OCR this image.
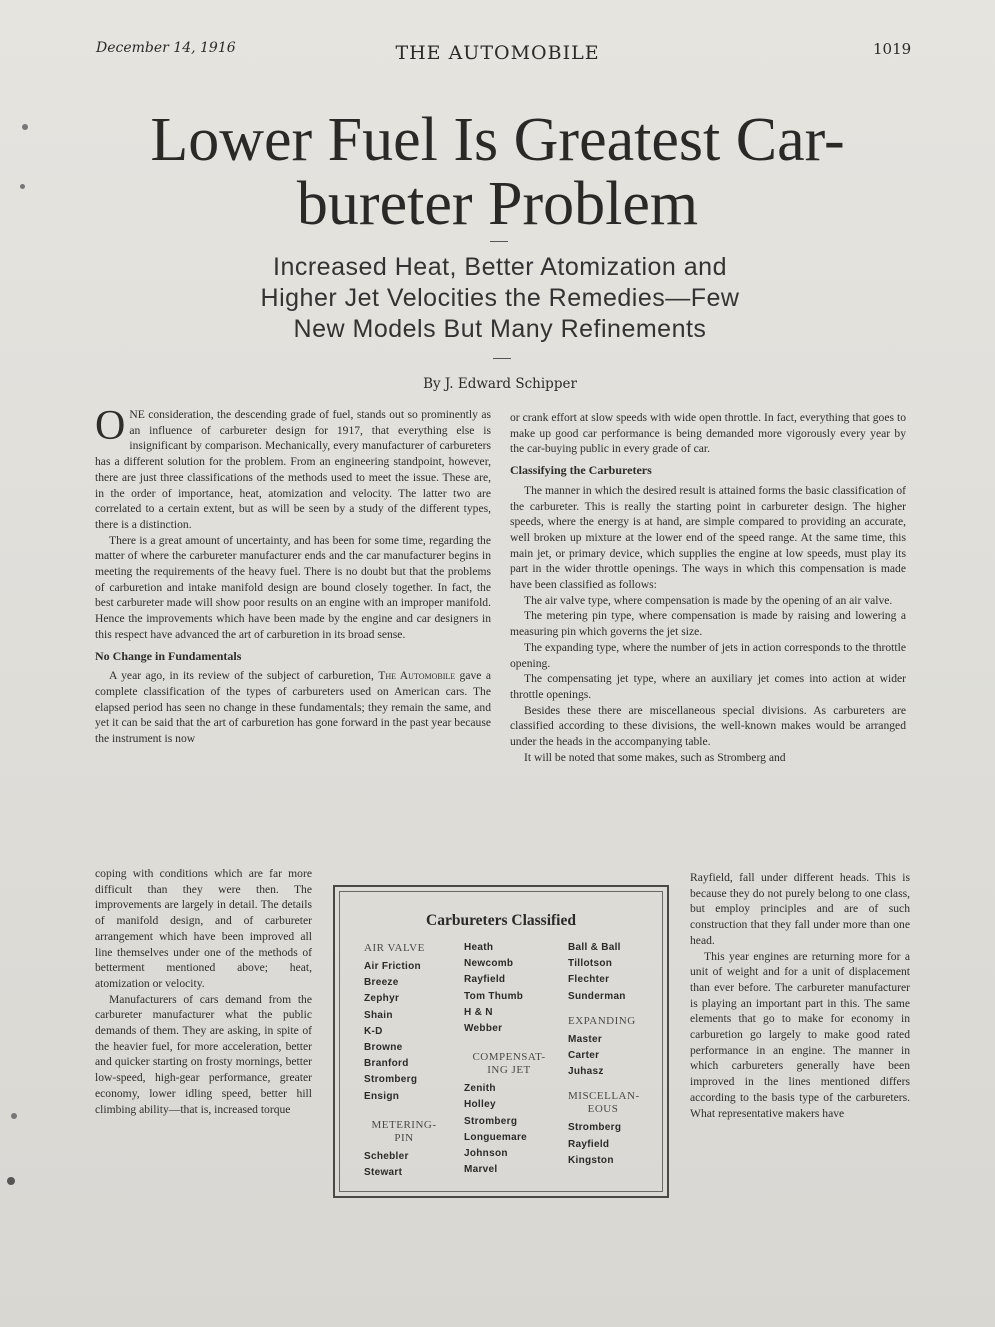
December 14, 1916	THE AUTOMOBILE	1019
Lower Fuel Is Greatest Car-
bureter Problem
Increased Heat, Better Atomization and
Higher Jet Velocities the Remedies—Few
New Models But Many Refinements
By J. Edward Schipper

ONE consideration, the descending grade of fuel, stands out so prominently as an influence of carbureter design for 1917, that everything else is insignificant by comparison. Mechanically, every manufacturer of carbureters has a different solution for the problem. From an engineering standpoint, however, there are just three classifications of the methods used to meet the issue. These are, in the order of importance, heat, atomization and velocity. The latter two are correlated to a certain extent, but as will be seen by a study of the different types, there is a distinction.

There is a great amount of uncertainty, and has been for some time, regarding the matter of where the carbureter manufacturer ends and the car manufacturer begins in meeting the requirements of the heavy fuel. There is no doubt but that the problems of carburetion and intake manifold design are bound closely together. In fact, the best carbureter made will show poor results on an engine with an improper manifold. Hence the improvements which have been made by the engine and car designers in this respect have advanced the art of carburetion in its broad sense.

No Change in Fundamentals

A year ago, in its review of the subject of carburetion, The Automobile gave a complete classification of the types of carbureters used on American cars. The elapsed period has seen no change in these fundamentals; they remain the same, and yet it can be said that the art of carburetion has gone forward in the past year because the instrument is now

coping with conditions which are far more difficult than they were then. The improvements are largely in detail. The details of manifold design, and of carbureter arrangement which have been improved all line themselves under one of the methods of betterment mentioned above; heat, atomization or velocity.

Manufacturers of cars demand from the carbureter manufacturer what the public demands of them. They are asking, in spite of the heavier fuel, for more acceleration, better and quicker starting on frosty mornings, better low-speed, high-gear performance, greater economy, lower idling speed, better hill climbing ability—that is, increased torque

or crank effort at slow speeds with wide open throttle. In fact, everything that goes to make up good car performance is being demanded more vigorously every year by the car-buying public in every grade of car.

Classifying the Carbureters

The manner in which the desired result is attained forms the basic classification of the carbureter. This is really the starting point in carbureter design. The higher speeds, where the energy is at hand, are simple compared to providing an accurate, well broken up mixture at the lower end of the speed range. At the same time, this main jet, or primary device, which supplies the engine at low speeds, must play its part in the wider throttle openings. The ways in which this compensation is made have been classified as follows:

The air valve type, where compensation is made by the opening of an air valve.

The metering pin type, where compensation is made by raising and lowering a measuring pin which governs the jet size.

The expanding type, where the number of jets in action corresponds to the throttle opening.

The compensating jet type, where an auxiliary jet comes into action at wider throttle openings.

Besides these there are miscellaneous special divisions. As carbureters are classified according to these divisions, the well-known makes would be arranged under the heads in the accompanying table.

It will be noted that some makes, such as Stromberg and

Rayfield, fall under different heads. This is because they do not purely belong to one class, but employ principles and are of such construction that they fall under more than one head.

This year engines are returning more for a unit of weight and for a unit of displacement than ever before. The carbureter manufacturer is playing an important part in this. The same elements that go to make for economy in carburetion go largely to make good rated performance in an engine. The manner in which carbureters generally have been improved in the lines mentioned differs according to the basis type of the carbureters. What representative makers have

Carbureters Classified
AIR VALVE
Air Friction
Breeze
Zephyr
Shain
K-D
Browne
Branford
Stromberg
Ensign
METERING-PIN
Schebler
Stewart
Heath
Newcomb
Rayfield
Tom Thumb
H & N
Webber
COMPENSAT-ING JET
Zenith
Holley
Stromberg
Longuemare
Johnson
Marvel
Ball & Ball
Tillotson
Flechter
Sunderman
EXPANDING
Master
Carter
Juhasz
MISCELLAN-EOUS
Stromberg
Rayfield
Kingston
